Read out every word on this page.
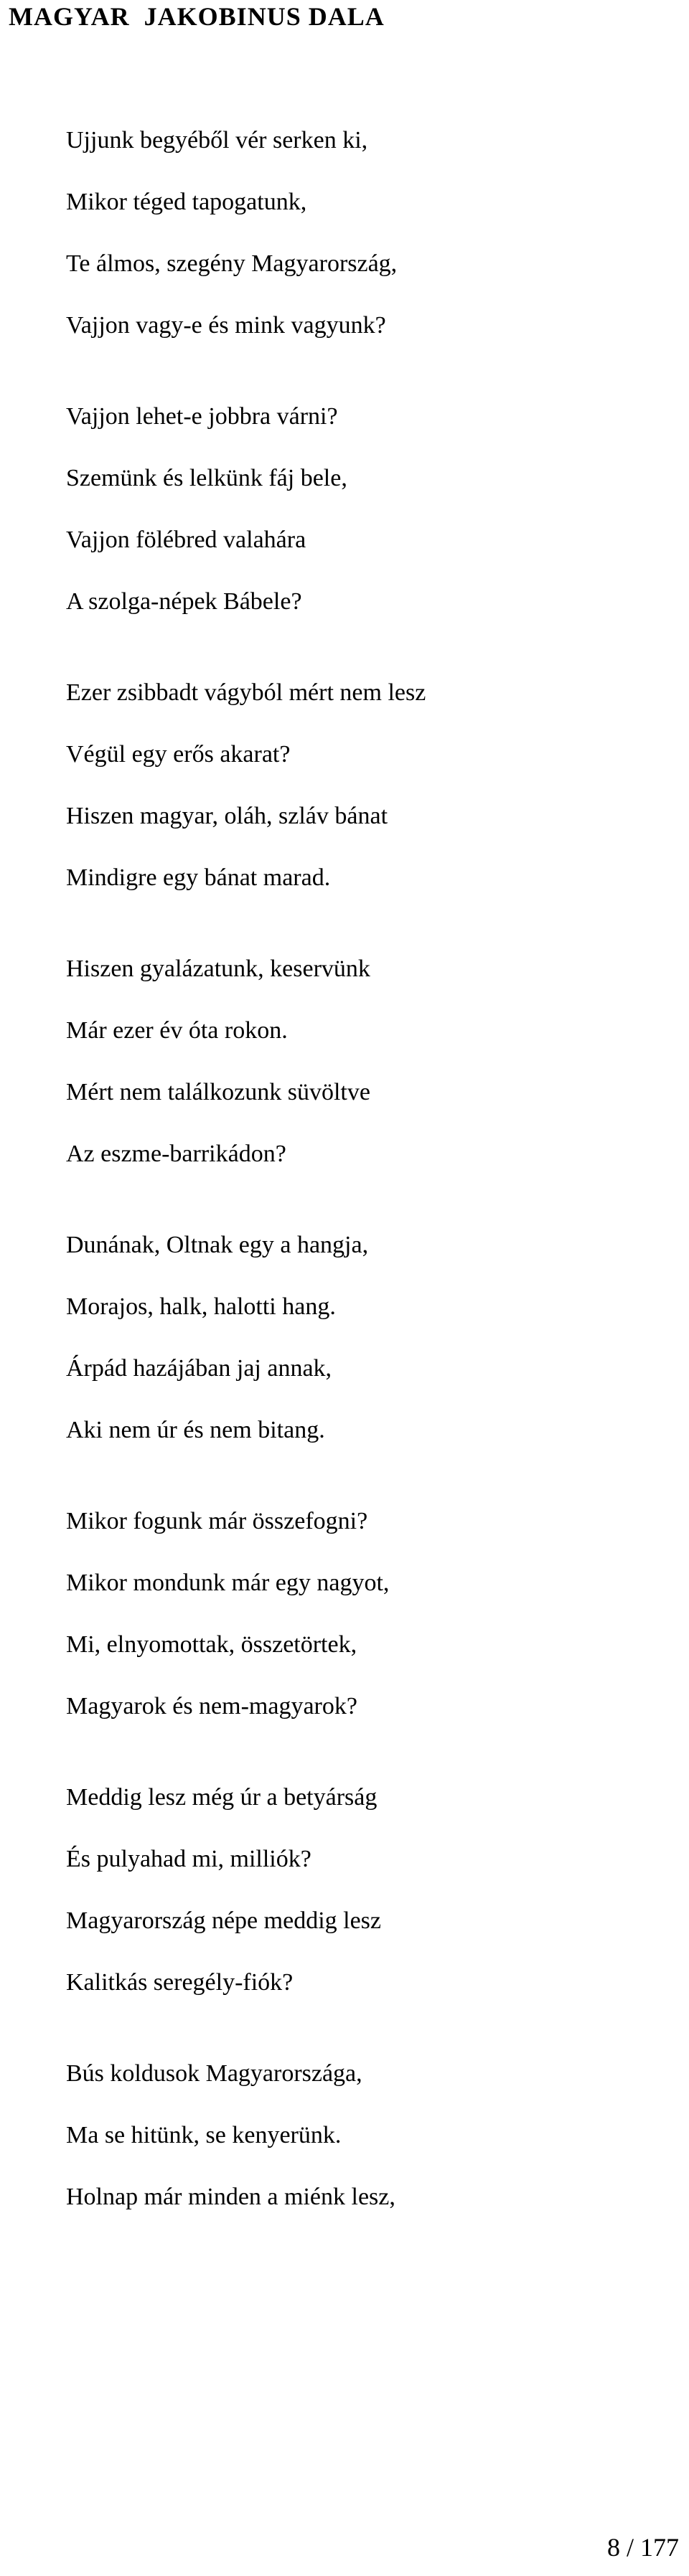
MAGYAR  JAKOBINUS DALA
Ujjunk begyéből vér serken ki,
Mikor téged tapogatunk,
Te álmos, szegény Magyarország,
Vajjon vagy-e és mink vagyunk?
Vajjon lehet-e jobbra várni?
Szemünk és lelkünk fáj bele,
Vajjon fölébred valahára
A szolga-népek Bábele?
Ezer zsibbadt vágyból mért nem lesz
Végül egy erős akarat?
Hiszen magyar, oláh, szláv bánat
Mindigre egy bánat marad.
Hiszen gyalázatunk, keservünk
Már ezer év óta rokon.
Mért nem találkozunk süvöltve
Az eszme-barrikádon?
Dunának, Oltnak egy a hangja,
Morajos, halk, halotti hang.
Árpád hazájában jaj annak,
Aki nem úr és nem bitang.
Mikor fogunk már összefogni?
Mikor mondunk már egy nagyot,
Mi, elnyomottak, összetörtek,
Magyarok és nem-magyarok?
Meddig lesz még úr a betyárság
És pulyahad mi, milliók?
Magyarország népe meddig lesz
Kalitkás seregély-fiók?
Bús koldusok Magyarországa,
Ma se hitünk, se kenyerünk.
Holnap már minden a miénk lesz,
8 / 177
